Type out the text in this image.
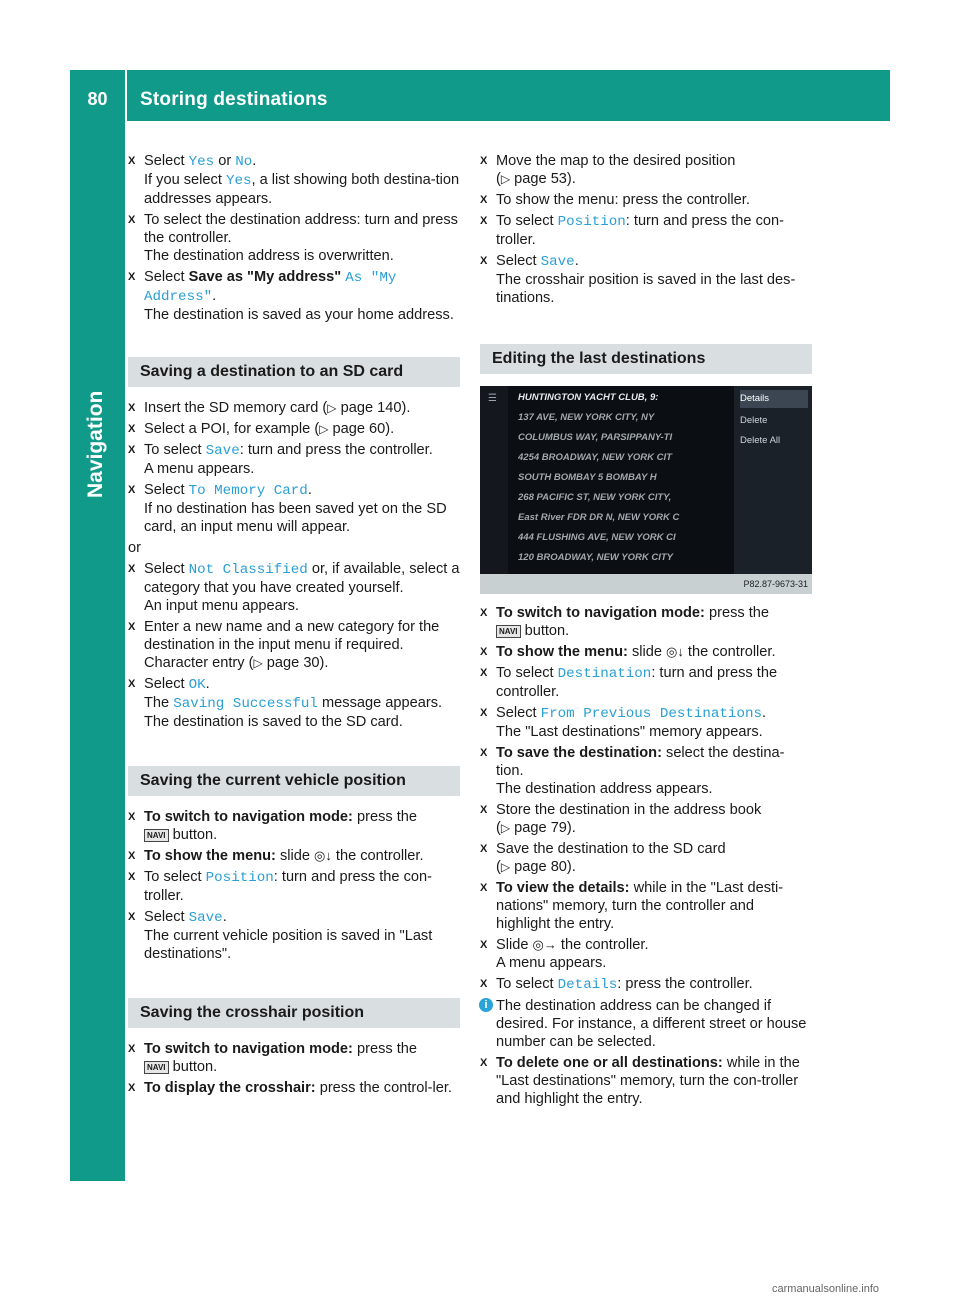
80	Storing destinations
Navigation
X Select Yes or No.
If you select Yes, a list showing both destina-tion addresses appears.
X To select the destination address: turn and press the controller.
The destination address is overwritten.
X Select Save as "My address" As "My Address".
The destination is saved as your home address.
Saving a destination to an SD card
X Insert the SD memory card (▷ page 140).
X Select a POI, for example (▷ page 60).
X To select Save: turn and press the controller.
A menu appears.
X Select To Memory Card.
If no destination has been saved yet on the SD card, an input menu will appear.
or
X Select Not Classified or, if available, select a category that you have created yourself.
An input menu appears.
X Enter a new name and a new category for the destination in the input menu if required.
Character entry (▷ page 30).
X Select OK.
The Saving Successful message appears.
The destination is saved to the SD card.
Saving the current vehicle position
X To switch to navigation mode: press the
NAVI button.
X To show the menu: slide ◎↓ the controller.
X To select Position: turn and press the con-troller.
X Select Save.
The current vehicle position is saved in "Last destinations".
Saving the crosshair position
X To switch to navigation mode: press the
NAVI button.
X To display the crosshair: press the control-ler.
X Move the map to the desired position
(▷ page 53).
X To show the menu: press the controller.
X To select Position: turn and press the con-troller.
X Select Save.
The crosshair position is saved in the last des-tinations.
Editing the last destinations
☰ HUNTINGTON YACHT CLUB, 9:
137 AVE, NEW YORK CITY, NY
COLUMBUS WAY, PARSIPPANY-TI
4254 BROADWAY, NEW YORK CIT
SOUTH BOMBAY 5 BOMBAY H
268 PACIFIC ST, NEW YORK CITY,
East River FDR DR N, NEW YORK C
444 FLUSHING AVE, NEW YORK CI
120 BROADWAY, NEW YORK CITY
Details
Delete
Delete All
P82.87-9673-31
X To switch to navigation mode: press the
NAVI button.
X To show the menu: slide ◎↓ the controller.
X To select Destination: turn and press the controller.
X Select From Previous Destinations.
The "Last destinations" memory appears.
X To save the destination: select the destina-tion.
The destination address appears.
X Store the destination in the address book
(▷ page 79).
X Save the destination to the SD card
(▷ page 80).
X To view the details: while in the "Last desti-nations" memory, turn the controller and highlight the entry.
X Slide ◎→ the controller.
A menu appears.
X To select Details: press the controller.
i The destination address can be changed if desired. For instance, a different street or house number can be selected.
X To delete one or all destinations: while in the "Last destinations" memory, turn the con-troller and highlight the entry.
carmanualsonline.info
